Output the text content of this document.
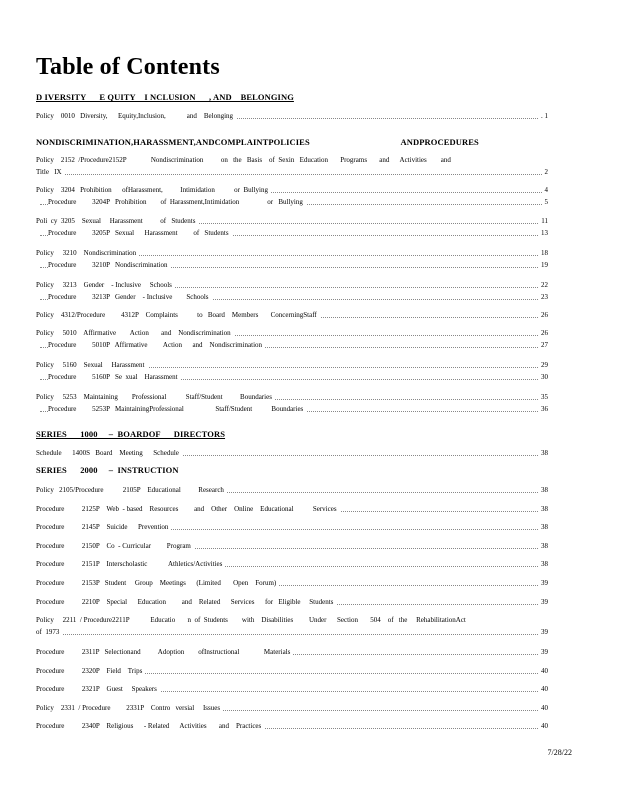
Table of Contents
D IVERSITY      E QUITY    I NCLUSION      , AND    BELONGING
Policy    0010   Diversity,      Equity,Inclusion,            and    Belonging	. 1
NONDISCRIMINATION,HARASSMENT,ANDCOMPLAINTPOLICIES                                         ANDPROCEDURES
Policy    2152  /Procedure2152P              Nondiscrimination          on   the   Basis    of  Sexin   Education       Programs       and      Activities        and
Title   IX	2
Policy    3204   Prohibition      ofHarassment,          Intimidation           or  Bullying	4
Procedure         3204P   Prohibition        of  Harassment,Intimidation                or   Bullying	5
Poli  cy  3205    Sexual     Harassment          of   Students	11
Procedure         3205P   Sexual      Harassment         of   Students	13
Policy     3210    Nondiscrimination	18
Procedure         3210P   Nondiscrimination	19
Policy     3213    Gender    - Inclusive     Schools	22
Procedure         3213P   Gender    - Inclusive        Schools	23
Policy    4312/Procedure         4312P    Complaints           to   Board    Members       ConcerningStaff	26
Policy     5010    Affirmative        Action       and    Nondiscrimination	26
Procedure         5010P   Affirmative         Action      and    Nondiscrimination	27
Policy     5160    Sexual     Harassment	29
Procedure         5160P   Se  xual    Harassment	30
Policy     5253    Maintaining        Professional           Staff/Student          Boundaries	35
Procedure         5253P   MaintainingProfessional                  Staff/Student           Boundaries	36
SERIES      1000     –  BOARDOF      DIRECTORS
Schedule      1400S   Board    Meeting      Schedule	38
SERIES      2000     –  INSTRUCTION
Policy   2105/Procedure           2105P    Educational          Research	38
Procedure          2125P    Web  - based    Resources         and    Other    Online    Educational           Services	38
Procedure          2145P    Suicide      Prevention	38
Procedure          2150P    Co  - Curricular         Program	38
Procedure          2151P    Interscholastic            Athletics/Activities	38
Procedure          2153P   Student     Group    Meetings      (Limited       Open    Forum)	39
Procedure          2210P    Special      Education         and    Related      Services      for   Eligible     Students	39
Policy     2211  / Procedure2211P            Educatio       n  of  Students        with    Disabilities         Under      Section       504    of   the     RehabilitationAct
of  1973	39
Procedure          2311P   Selectionand          Adoption        ofInstructional              Materials	39
Procedure          2320P    Field    Trips	40
Procedure          2321P    Guest     Speakers	40
Policy    2331  / Procedure         2331P    Contro   versial     Issues	40
Procedure          2340P    Religious      - Related      Activities       and    Practices	40
7/28/22
